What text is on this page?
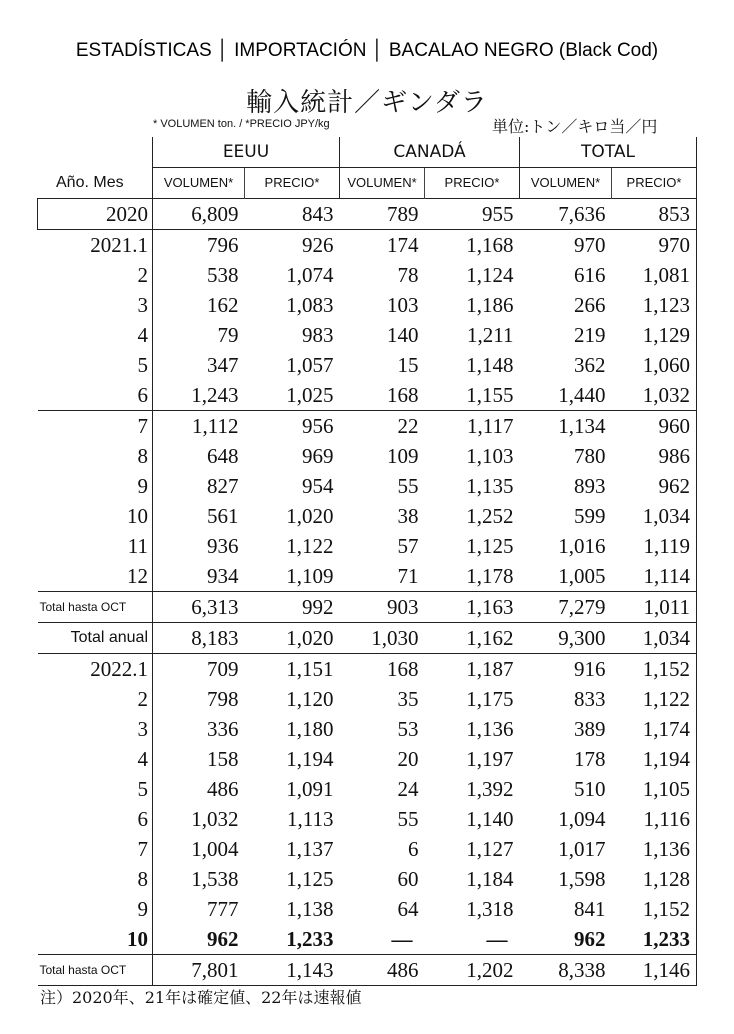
ESTADÍSTICAS │ IMPORTACIÓN │ BACALAO NEGRO (Black Cod)
輸入統計／ギンダラ
* VOLUMEN ton. / *PRECIO JPY/kg	単位:トン／キロ当／円
Año. Mes
	EEUU		CANADÁ		TOTAL	
	VOLUMEN*	PRECIO*	VOLUMEN*	PRECIO*	VOLUMEN*	PRECIO*
2020	6,809	843	789	955	7,636	853
2021.1	796	926	174	1,168	970	970
2	538	1,074	78	1,124	616	1,081
3	162	1,083	103	1,186	266	1,123
4	79	983	140	1,211	219	1,129
5	347	1,057	15	1,148	362	1,060
6	1,243	1,025	168	1,155	1,440	1,032
7	1,112	956	22	1,117	1,134	960
8	648	969	109	1,103	780	986
9	827	954	55	1,135	893	962
10	561	1,020	38	1,252	599	1,034
11	936	1,122	57	1,125	1,016	1,119
12	934	1,109	71	1,178	1,005	1,114
Total hasta OCT	6,313	992	903	1,163	7,279	1,011
Total anual	8,183	1,020	1,030	1,162	9,300	1,034
2022.1	709	1,151	168	1,187	916	1,152
2	798	1,120	35	1,175	833	1,122
3	336	1,180	53	1,136	389	1,174
4	158	1,194	20	1,197	178	1,194
5	486	1,091	24	1,392	510	1,105
6	1,032	1,113	55	1,140	1,094	1,116
7	1,004	1,137	6	1,127	1,017	1,136
8	1,538	1,125	60	1,184	1,598	1,128
9	777	1,138	64	1,318	841	1,152
10	962	1,233	—	—	962	1,233
Total hasta OCT	7,801	1,143	486	1,202	8,338	1,146
注）2020年、21年は確定値、22年は速報値
